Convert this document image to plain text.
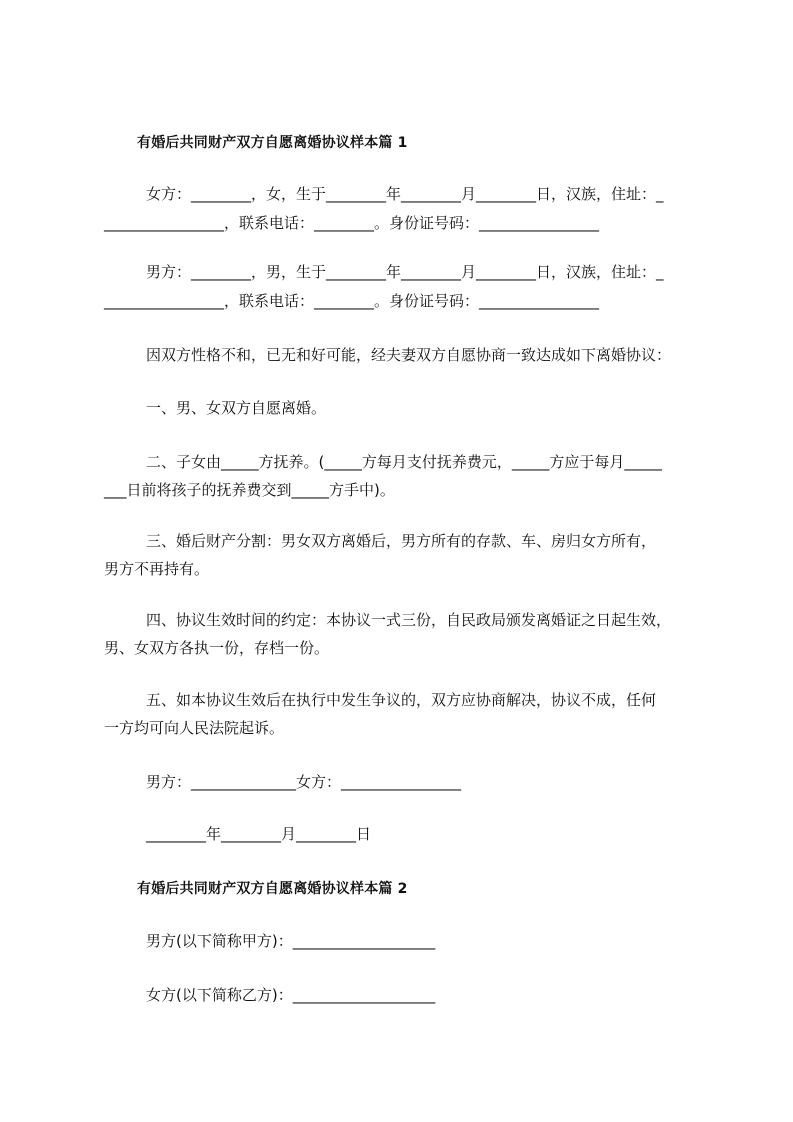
有婚后共同财产双方自愿离婚协议样本篇 1
女方：________，女，生于________年________月________日，汉族，住址：_
________________，联系电话：________。身份证号码：________________
男方：________，男，生于________年________月________日，汉族，住址：_
________________，联系电话：________。身份证号码：________________
因双方性格不和，已无和好可能，经夫妻双方自愿协商一致达成如下离婚协议：
一、男、女双方自愿离婚。
二、子女由_____方抚养。(_____方每月支付抚养费元，_____方应于每月_____
___日前将孩子的抚养费交到_____方手中)。
三、婚后财产分割：男女双方离婚后，男方所有的存款、车、房归女方所有，
男方不再持有。
四、协议生效时间的约定：本协议一式三份，自民政局颁发离婚证之日起生效，
男、女双方各执一份，存档一份。
五、如本协议生效后在执行中发生争议的，双方应协商解决，协议不成，任何
一方均可向人民法院起诉。
男方：______________女方：________________
________年________月________日
有婚后共同财产双方自愿离婚协议样本篇 2
男方(以下简称甲方)：___________________
女方(以下简称乙方)：___________________
